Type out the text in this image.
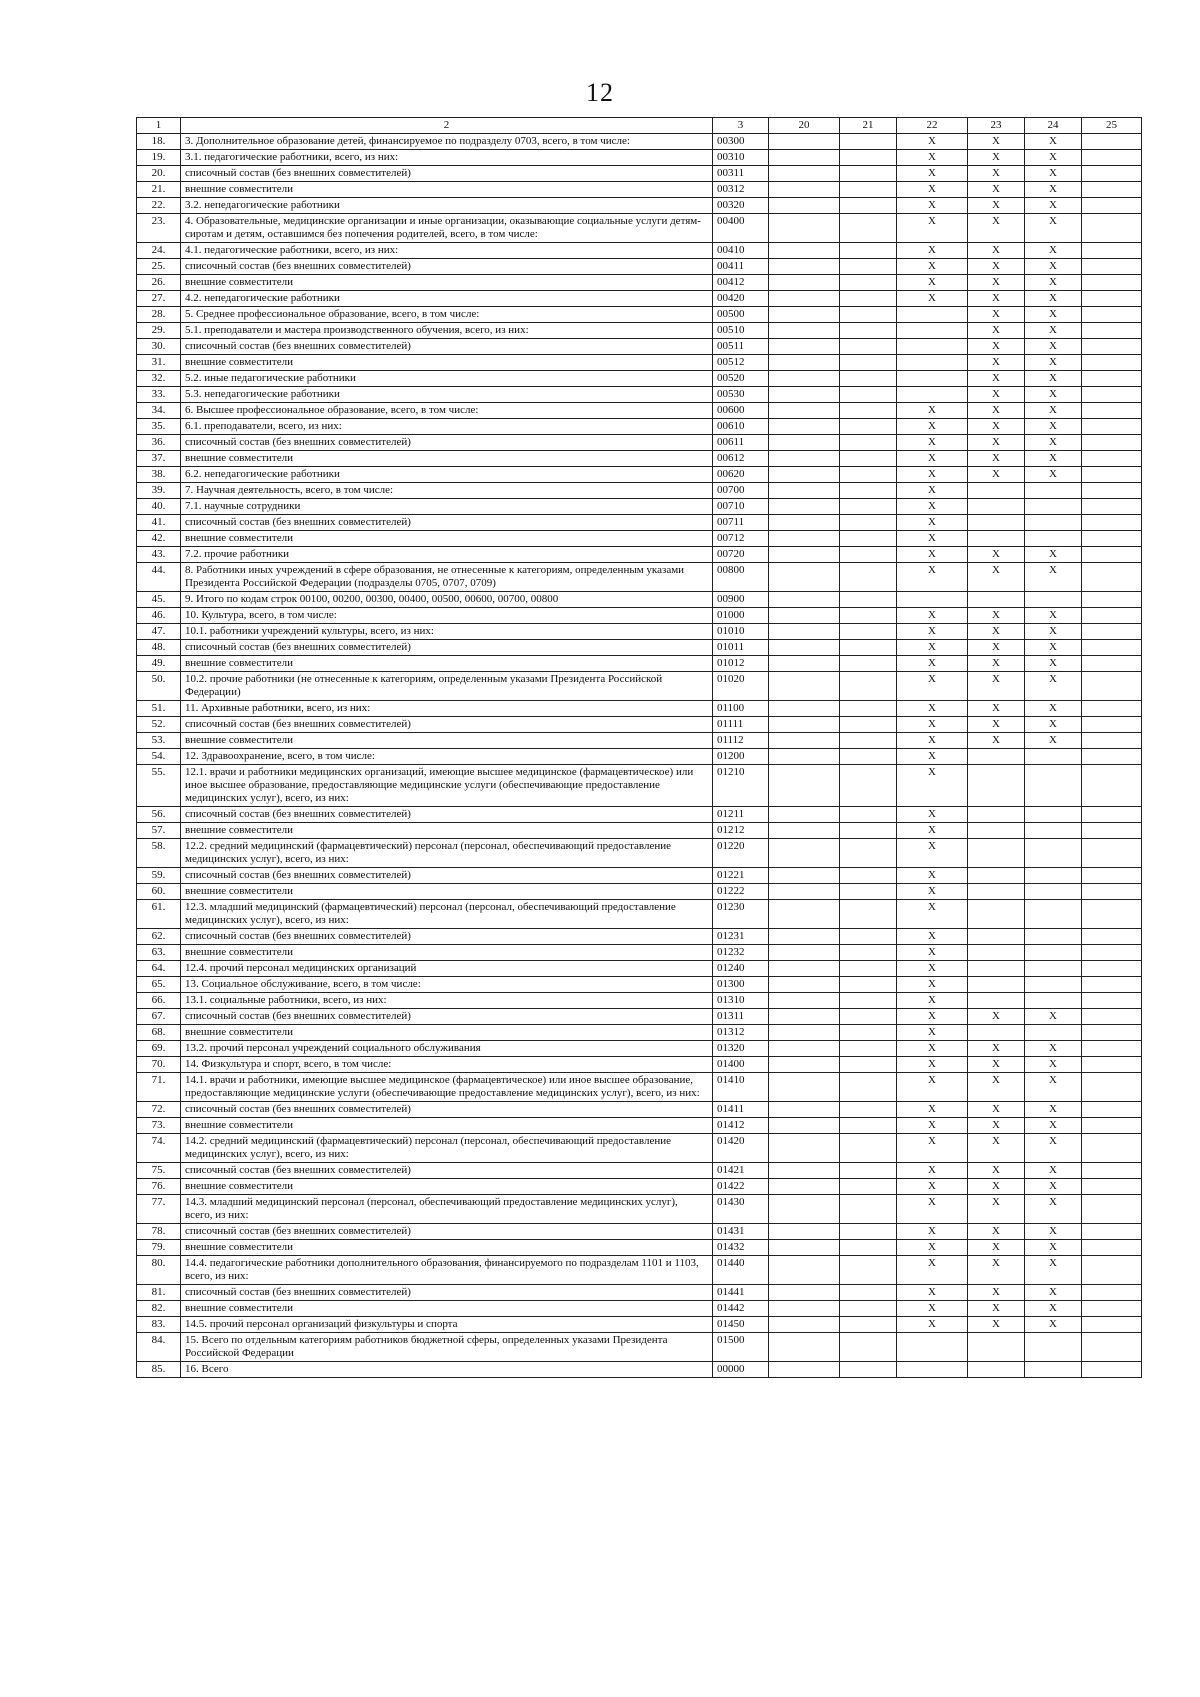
12
1	2	3	20	21	22	23	24	25
18.	3. Дополнительное образование детей, финансируемое по подразделу 0703, всего, в том числе:	00300			X	X	X	
19.	3.1. педагогические работники, всего, из них:	00310			X	X	X	
20.	списочный состав (без внешних совместителей)	00311			X	X	X	
21.	внешние совместители	00312			X	X	X	
22.	3.2. непедагогические работники	00320			X	X	X	
23.	4. Образовательные, медицинские организации и иные организации, оказывающие социальные услуги детям-сиротам и детям, оставшимся без попечения родителей, всего, в том числе:	00400			X	X	X	
24.	4.1. педагогические работники, всего, из них:	00410			X	X	X	
25.	списочный состав (без внешних совместителей)	00411			X	X	X	
26.	внешние совместители	00412			X	X	X	
27.	4.2. непедагогические работники	00420			X	X	X	
28.	5. Среднее профессиональное образование, всего, в том числе:	00500				X	X	
29.	5.1. преподаватели и мастера производственного обучения, всего, из них:	00510				X	X	
30.	списочный состав (без внешних совместителей)	00511				X	X	
31.	внешние совместители	00512				X	X	
32.	5.2. иные педагогические работники	00520				X	X	
33.	5.3. непедагогические работники	00530				X	X	
34.	6. Высшее профессиональное образование, всего, в том числе:	00600			X	X	X	
35.	6.1. преподаватели, всего, из них:	00610			X	X	X	
36.	списочный состав (без внешних совместителей)	00611			X	X	X	
37.	внешние совместители	00612			X	X	X	
38.	6.2. непедагогические работники	00620			X	X	X	
39.	7. Научная деятельность, всего, в том числе:	00700			X			
40.	7.1. научные сотрудники	00710			X			
41.	списочный состав (без внешних совместителей)	00711			X			
42.	внешние совместители	00712			X			
43.	7.2. прочие работники	00720			X	X	X	
44.	8. Работники иных учреждений в сфере образования, не отнесенные к категориям, определенным указами Президента Российской Федерации (подразделы 0705, 0707, 0709)	00800			X	X	X	
45.	9. Итого по кодам строк 00100, 00200, 00300, 00400, 00500, 00600, 00700, 00800	00900						
46.	10. Культура, всего, в том числе:	01000			X	X	X	
47.	10.1. работники учреждений культуры, всего, из них:	01010			X	X	X	
48.	списочный состав (без внешних совместителей)	01011			X	X	X	
49.	внешние совместители	01012			X	X	X	
50.	10.2. прочие работники (не отнесенные к категориям, определенным указами Президента Российской Федерации)	01020			X	X	X	
51.	11. Архивные работники, всего, из них:	01100			X	X	X	
52.	списочный состав (без внешних совместителей)	01111			X	X	X	
53.	внешние совместители	01112			X	X	X	
54.	12. Здравоохранение, всего, в том числе:	01200			X			
55.	12.1. врачи и работники медицинских организаций, имеющие высшее медицинское (фармацевтическое) или иное высшее образование, предоставляющие медицинские услуги (обеспечивающие предоставление медицинских услуг), всего, из них:	01210			X			
56.	списочный состав (без внешних совместителей)	01211			X			
57.	внешние совместители	01212			X			
58.	12.2. средний медицинский (фармацевтический) персонал (персонал, обеспечивающий предоставление медицинских услуг), всего, из них:	01220			X			
59.	списочный состав (без внешних совместителей)	01221			X			
60.	внешние совместители	01222			X			
61.	12.3. младший медицинский (фармацевтический) персонал (персонал, обеспечивающий предоставление медицинских услуг), всего, из них:	01230			X			
62.	списочный состав (без внешних совместителей)	01231			X			
63.	внешние совместители	01232			X			
64.	12.4. прочий персонал медицинских организаций	01240			X			
65.	13. Социальное обслуживание, всего, в том числе:	01300			X			
66.	13.1. социальные работники, всего, из них:	01310			X			
67.	списочный состав (без внешних совместителей)	01311			X	X	X	
68.	внешние совместители	01312			X			
69.	13.2. прочий персонал учреждений социального обслуживания	01320			X	X	X	
70.	14. Физкультура и спорт, всего, в том числе:	01400			X	X	X	
71.	14.1. врачи и работники, имеющие высшее медицинское (фармацевтическое) или иное высшее образование, предоставляющие медицинские услуги (обеспечивающие предоставление медицинских услуг), всего, из них:	01410			X	X	X	
72.	списочный состав (без внешних совместителей)	01411			X	X	X	
73.	внешние совместители	01412			X	X	X	
74.	14.2. средний медицинский (фармацевтический) персонал (персонал, обеспечивающий предоставление медицинских услуг), всего, из них:	01420			X	X	X	
75.	списочный состав (без внешних совместителей)	01421			X	X	X	
76.	внешние совместители	01422			X	X	X	
77.	14.3. младший медицинский персонал (персонал, обеспечивающий предоставление медицинских услуг), всего, из них:	01430			X	X	X	
78.	списочный состав (без внешних совместителей)	01431			X	X	X	
79.	внешние совместители	01432			X	X	X	
80.	14.4. педагогические работники дополнительного образования, финансируемого по подразделам 1101 и 1103, всего, из них:	01440			X	X	X	
81.	списочный состав (без внешних совместителей)	01441			X	X	X	
82.	внешние совместители	01442			X	X	X	
83.	14.5. прочий персонал организаций физкультуры и спорта	01450			X	X	X	
84.	15. Всего по отдельным категориям работников бюджетной сферы, определенных указами Президента Российской Федерации	01500						
85.	16. Всего	00000						
